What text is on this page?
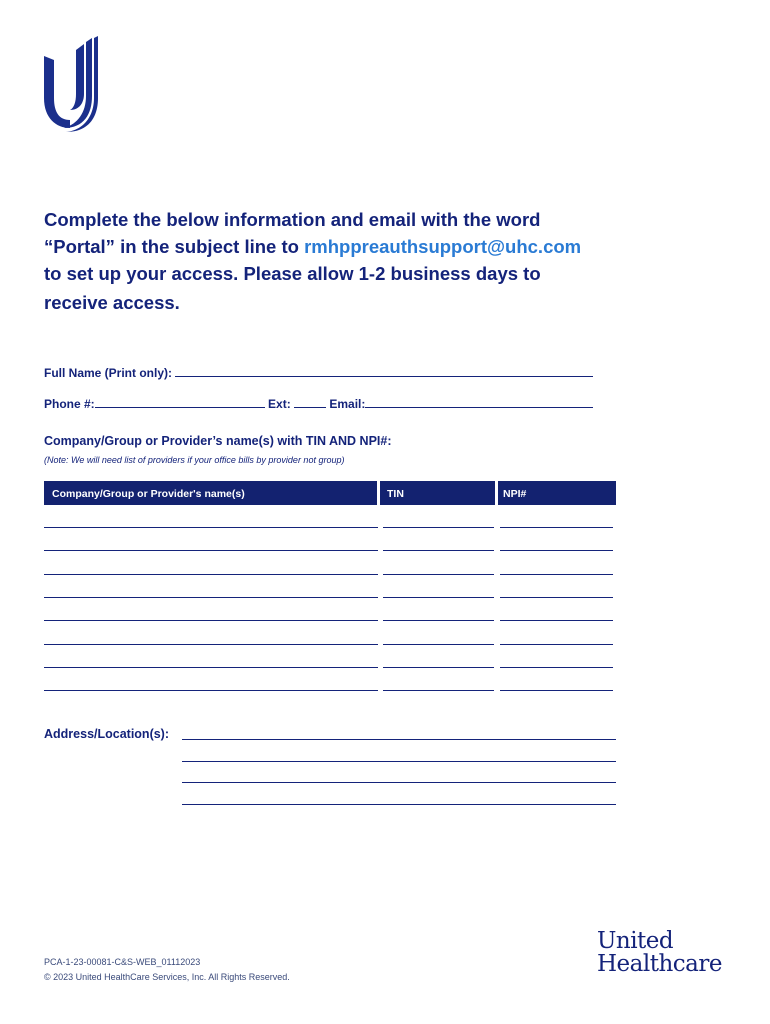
Complete the below information and email with the word
“Portal” in the subject line to rmhppreauthsupport@uhc.com
to set up your access. Please allow 1-2 business days to
receive access.
Full Name (Print only):
Phone #:	Ext:	Email:
Company/Group or Provider’s name(s) with TIN AND NPI#:
(Note: We will need list of providers if your office bills by provider not group)
Company/Group or Provider's name(s)	TIN	NPI#
Address/Location(s):
PCA-1-23-00081-C&S-WEB_01112023
© 2023 United HealthCare Services, Inc. All Rights Reserved.
United
Healthcare
